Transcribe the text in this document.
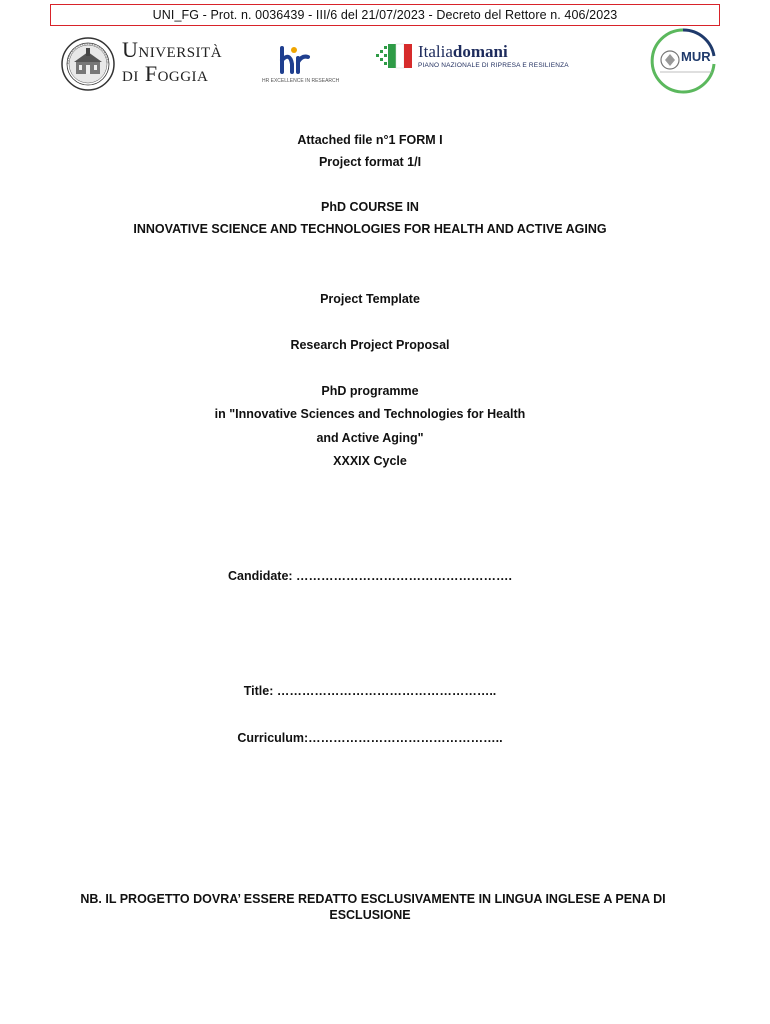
UNI_FG - Prot. n. 0036439 - III/6 del 21/07/2023 - Decreto del Rettore n. 406/2023
Università
di Foggia	HR EXCELLENCE IN RESEARCH
Italiadomani
PIANO NAZIONALE DI RIPRESA E RESILIENZA
MUR
Attached file n°1 FORM I
Project format 1/I
PhD COURSE IN
INNOVATIVE SCIENCE AND TECHNOLOGIES FOR HEALTH AND ACTIVE AGING
Project Template
Research Project Proposal
PhD programme
in "Innovative Sciences and Technologies for Health
and Active Aging"
XXXIX Cycle
Candidate: …………………………………………….
Title: ……………………………………………..
Curriculum:………………………………………..
NB. IL PROGETTO DOVRA’ ESSERE REDATTO ESCLUSIVAMENTE IN LINGUA INGLESE A PENA DI
ESCLUSIONE
